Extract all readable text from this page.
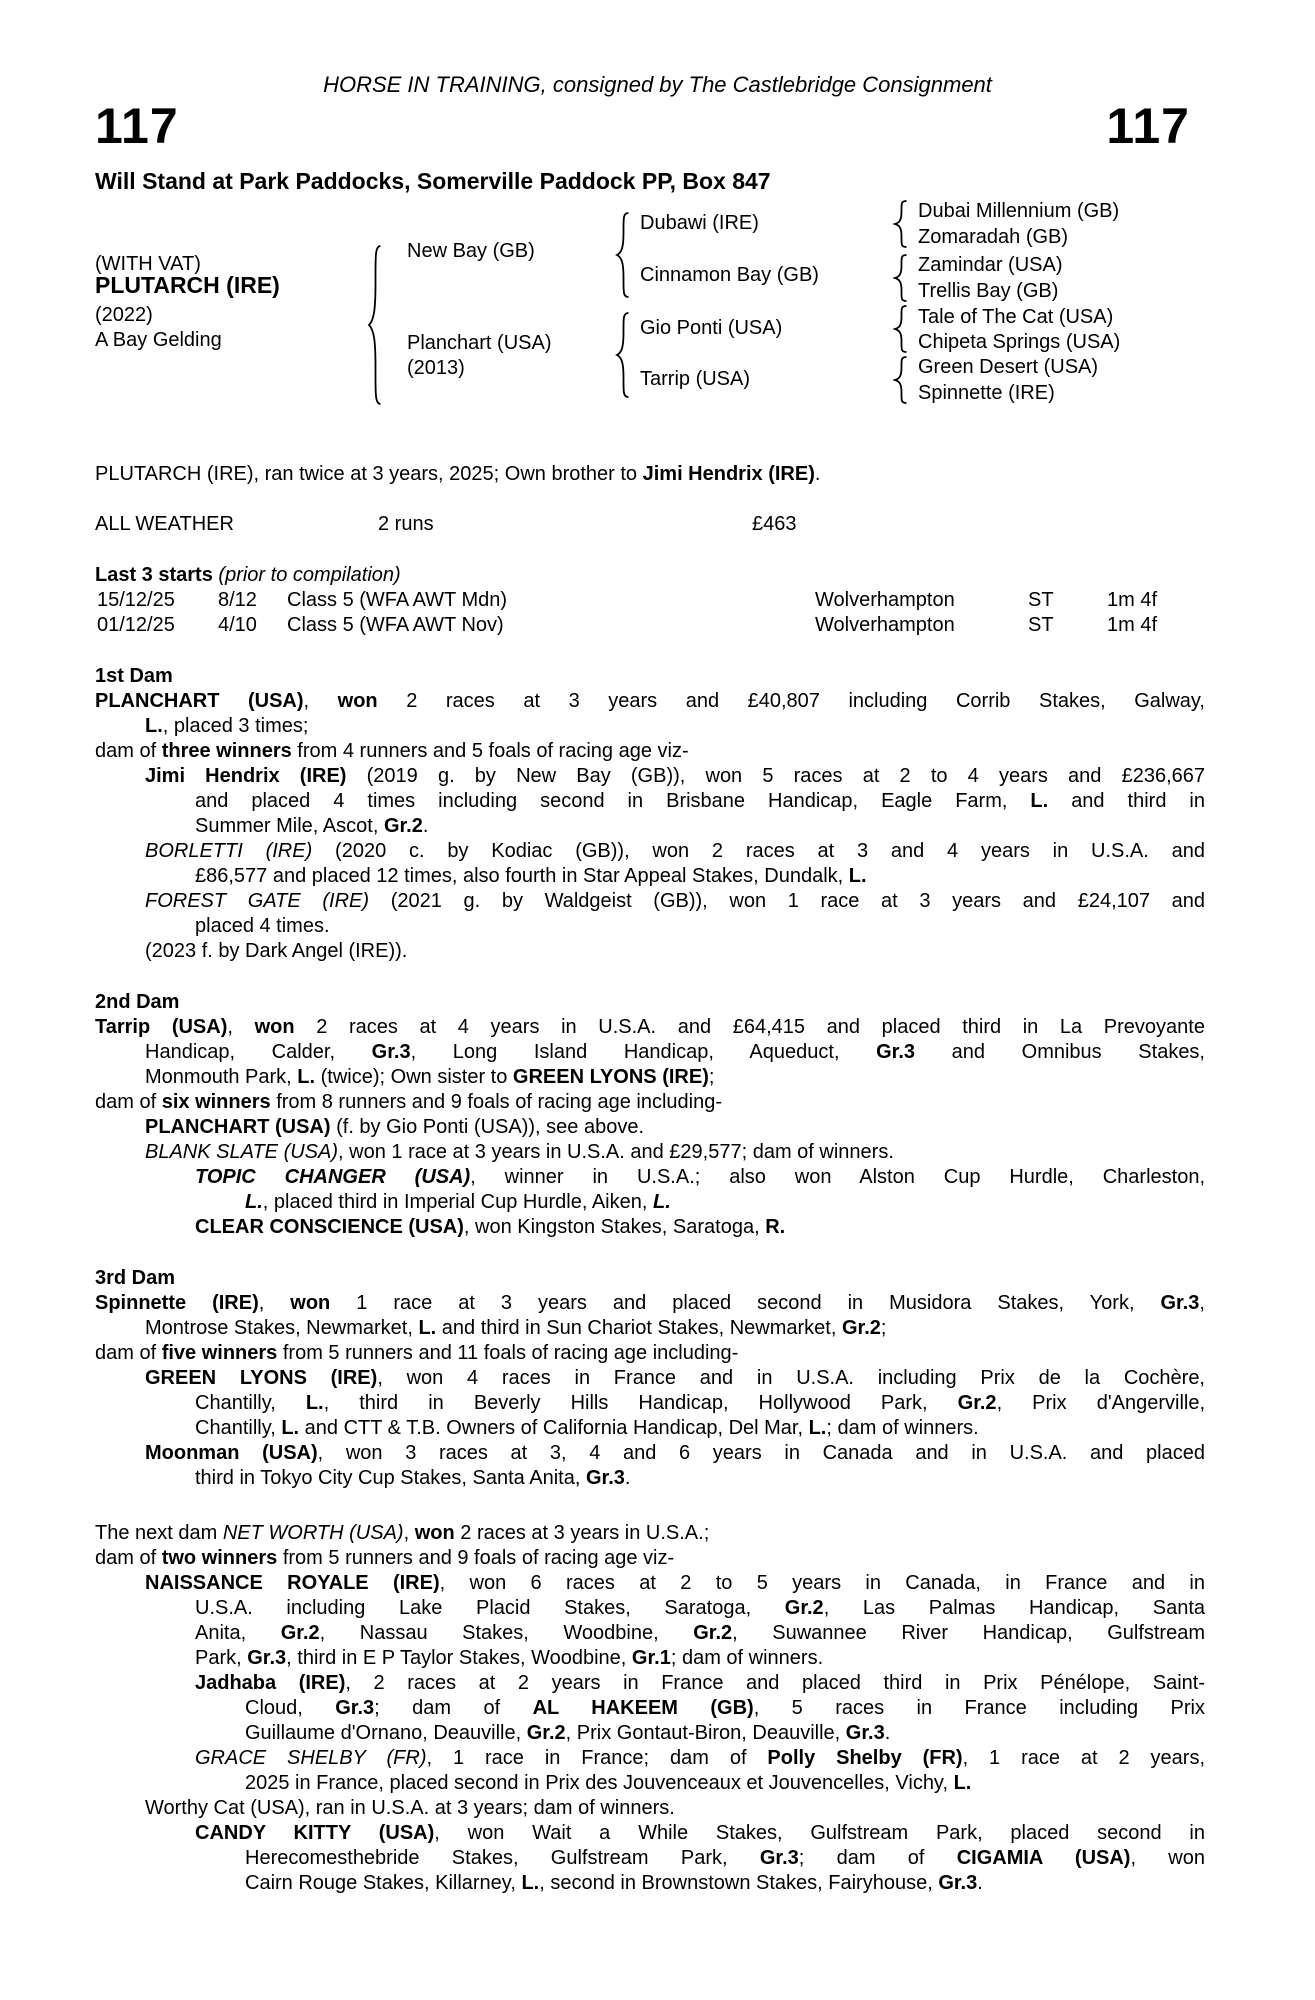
HORSE IN TRAINING, consigned by The Castlebridge Consignment
117	117
Will Stand at Park Paddocks, Somerville Paddock PP, Box 847
(WITH VAT)
PLUTARCH (IRE)
(2022)
A Bay Gelding
New Bay (GB)
Planchart (USA)
(2013)
Dubawi (IRE)
Dubai Millennium (GB)
Zomaradah (GB)
Cinnamon Bay (GB)	Zamindar (USA)
Trellis Bay (GB)
Gio Ponti (USA)	Tale of The Cat (USA)
Chipeta Springs (USA)
Tarrip (USA)
Green Desert (USA)
Spinnette (IRE)
PLUTARCH (IRE), ran twice at 3 years, 2025; Own brother to Jimi Hendrix (IRE).
ALL WEATHER	2 runs	£463
Last 3 starts (prior to compilation)
15/12/25 8/12 Class 5 (WFA AWT Mdn)	Wolverhampton	ST	1m 4f
01/12/25 4/10 Class 5 (WFA AWT Nov)	Wolverhampton	ST	1m 4f
1st Dam
PLANCHART (USA), won 2 races at 3 years and £40,807 including Corrib Stakes, Galway,
L., placed 3 times;
dam of three winners from 4 runners and 5 foals of racing age viz-
Jimi Hendrix (IRE) (2019 g. by New Bay (GB)), won 5 races at 2 to 4 years and £236,667
and placed 4 times including second in Brisbane Handicap, Eagle Farm, L. and third in
Summer Mile, Ascot, Gr.2.
BORLETTI (IRE) (2020 c. by Kodiac (GB)), won 2 races at 3 and 4 years in U.S.A. and
£86,577 and placed 12 times, also fourth in Star Appeal Stakes, Dundalk, L.
FOREST GATE (IRE) (2021 g. by Waldgeist (GB)), won 1 race at 3 years and £24,107 and
placed 4 times.
(2023 f. by Dark Angel (IRE)).
2nd Dam
Tarrip (USA), won 2 races at 4 years in U.S.A. and £64,415 and placed third in La Prevoyante
Handicap, Calder, Gr.3, Long Island Handicap, Aqueduct, Gr.3 and Omnibus Stakes,
Monmouth Park, L. (twice); Own sister to GREEN LYONS (IRE);
dam of six winners from 8 runners and 9 foals of racing age including-
PLANCHART (USA) (f. by Gio Ponti (USA)), see above.
BLANK SLATE (USA), won 1 race at 3 years in U.S.A. and £29,577; dam of winners.
TOPIC CHANGER (USA), winner in U.S.A.; also won Alston Cup Hurdle, Charleston,
L., placed third in Imperial Cup Hurdle, Aiken, L.
CLEAR CONSCIENCE (USA), won Kingston Stakes, Saratoga, R.
3rd Dam
Spinnette (IRE), won 1 race at 3 years and placed second in Musidora Stakes, York, Gr.3,
Montrose Stakes, Newmarket, L. and third in Sun Chariot Stakes, Newmarket, Gr.2;
dam of five winners from 5 runners and 11 foals of racing age including-
GREEN LYONS (IRE), won 4 races in France and in U.S.A. including Prix de la Cochère,
Chantilly, L., third in Beverly Hills Handicap, Hollywood Park, Gr.2, Prix d'Angerville,
Chantilly, L. and CTT & T.B. Owners of California Handicap, Del Mar, L.; dam of winners.
Moonman (USA), won 3 races at 3, 4 and 6 years in Canada and in U.S.A. and placed
third in Tokyo City Cup Stakes, Santa Anita, Gr.3.
The next dam NET WORTH (USA), won 2 races at 3 years in U.S.A.;
dam of two winners from 5 runners and 9 foals of racing age viz-
NAISSANCE ROYALE (IRE), won 6 races at 2 to 5 years in Canada, in France and in
U.S.A. including Lake Placid Stakes, Saratoga, Gr.2, Las Palmas Handicap, Santa
Anita, Gr.2, Nassau Stakes, Woodbine, Gr.2, Suwannee River Handicap, Gulfstream
Park, Gr.3, third in E P Taylor Stakes, Woodbine, Gr.1; dam of winners.
Jadhaba (IRE), 2 races at 2 years in France and placed third in Prix Pénélope, Saint-
Cloud, Gr.3; dam of AL HAKEEM (GB), 5 races in France including Prix
Guillaume d'Ornano, Deauville, Gr.2, Prix Gontaut-Biron, Deauville, Gr.3.
GRACE SHELBY (FR), 1 race in France; dam of Polly Shelby (FR), 1 race at 2 years,
2025 in France, placed second in Prix des Jouvenceaux et Jouvencelles, Vichy, L.
Worthy Cat (USA), ran in U.S.A. at 3 years; dam of winners.
CANDY KITTY (USA), won Wait a While Stakes, Gulfstream Park, placed second in
Herecomesthebride Stakes, Gulfstream Park, Gr.3; dam of CIGAMIA (USA), won
Cairn Rouge Stakes, Killarney, L., second in Brownstown Stakes, Fairyhouse, Gr.3.
